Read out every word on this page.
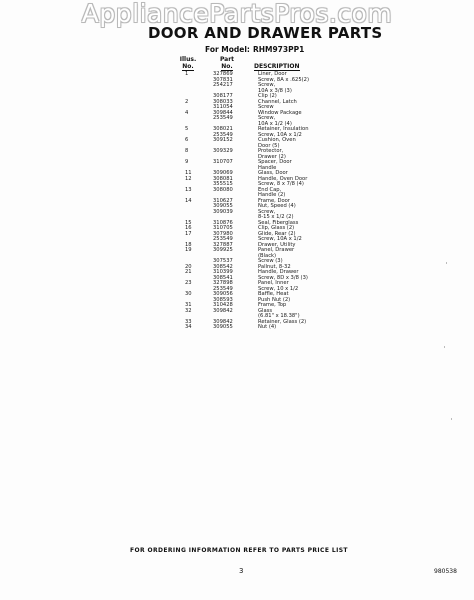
AppliancePartsPros.com
DOOR AND DRAWER PARTS
For Model: RHM973PP1
Illus.
No.
Part
No.	DESCRIPTION
1	327869	Liner, Door
307831	Screw, 8A x .625(2)
254217	Screw,
10A x 3/8 (3)
308177	Clip (2)
2	308033	Channel, Latch
311054	Screw
4	309844	Window Package
253549	Screw,
10A x 1/2 (4)
5	308021	Retainer, Insulation
253549	Screw, 10A x 1/2
6	309152	Cushion, Oven
Door (5)
8	309329	Protector,
Drawer (2)
9	310707	Spacer, Door
Handle
11	309069	Glass, Door
12	308081	Handle, Oven Door
355515	Screw, 8 x 7/8 (4)
13	308080	End Cap,
Handle (2)
14	310627	Frame, Door
309055	Nut, Speed (4)
309039	Screw,
8-15 x 1/2 (2)
15	310876	Seal, Fiberglass
16	310705	Clip, Glass (2)
17	307980	Glide, Rear (2)
253549	Screw, 10A x 1/2
18	327887	Drawer, Utility
19	309925	Panel, Drawer
(Black)
307537	Screw (3)
20	308542	Pallnut, 8-32
21	310399	Handle, Drawer
308541	Screw, 8D x 3/8 (3)
23	327898	Panel, Inner
253549	Screw, 10 x 1/2
30	309056	Baffle, Heat
308593	Push Nut (2)
31	310428	Frame, Top
32	309842	Glass
(6.81" x 18.38")
33	309842	Retainer, Glass (2)
34	309055	Nut (4)
FOR ORDERING INFORMATION REFER TO PARTS PRICE LIST
3	980538
